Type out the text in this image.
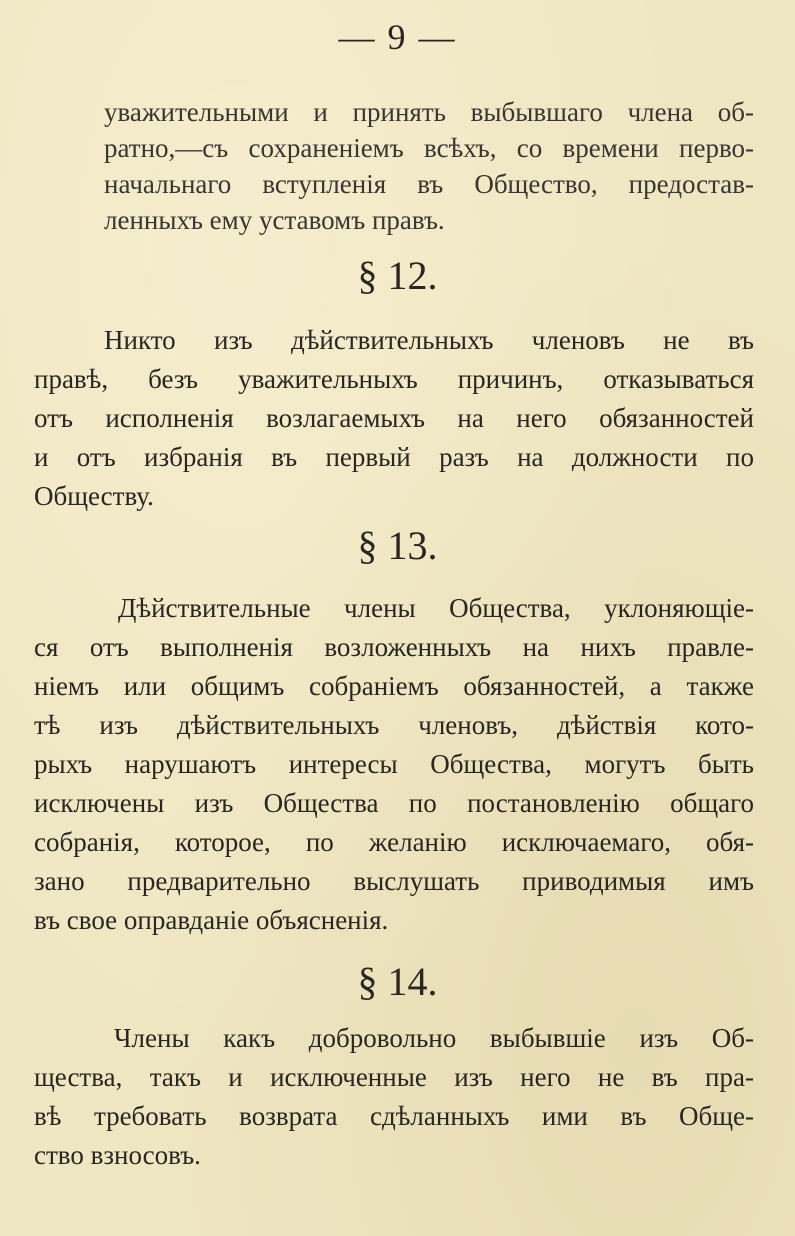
— 9 —

уважительными и принять выбывшаго члена об-
ратно,—съ сохраненіемъ всѣхъ, со времени перво-
начальнаго вступленія въ Общество, предостав-
ленныхъ ему уставомъ правъ.

§ 12.

Никто изъ дѣйствительныхъ членовъ не въ
правѣ, безъ уважительныхъ причинъ, отказываться
отъ исполненія возлагаемыхъ на него обязанностей
и отъ избранія въ первый разъ на должности по
Обществу.

§ 13.

Дѣйствительные члены Общества, уклоняющіе-
ся отъ выполненія возложенныхъ на нихъ правле-
ніемъ или общимъ собраніемъ обязанностей, а также
тѣ изъ дѣйствительныхъ членовъ, дѣйствія кото-
рыхъ нарушаютъ интересы Общества, могутъ быть
исключены изъ Общества по постановленію общаго
собранія, которое, по желанію исключаемаго, обя-
зано предварительно выслушать приводимыя имъ
въ свое оправданіе объясненія.

§ 14.

Члены какъ добровольно выбывшіе изъ Об-
щества, такъ и исключенные изъ него не въ пра-
вѣ требовать возврата сдѣланныхъ ими въ Обще-
ство взносовъ.
